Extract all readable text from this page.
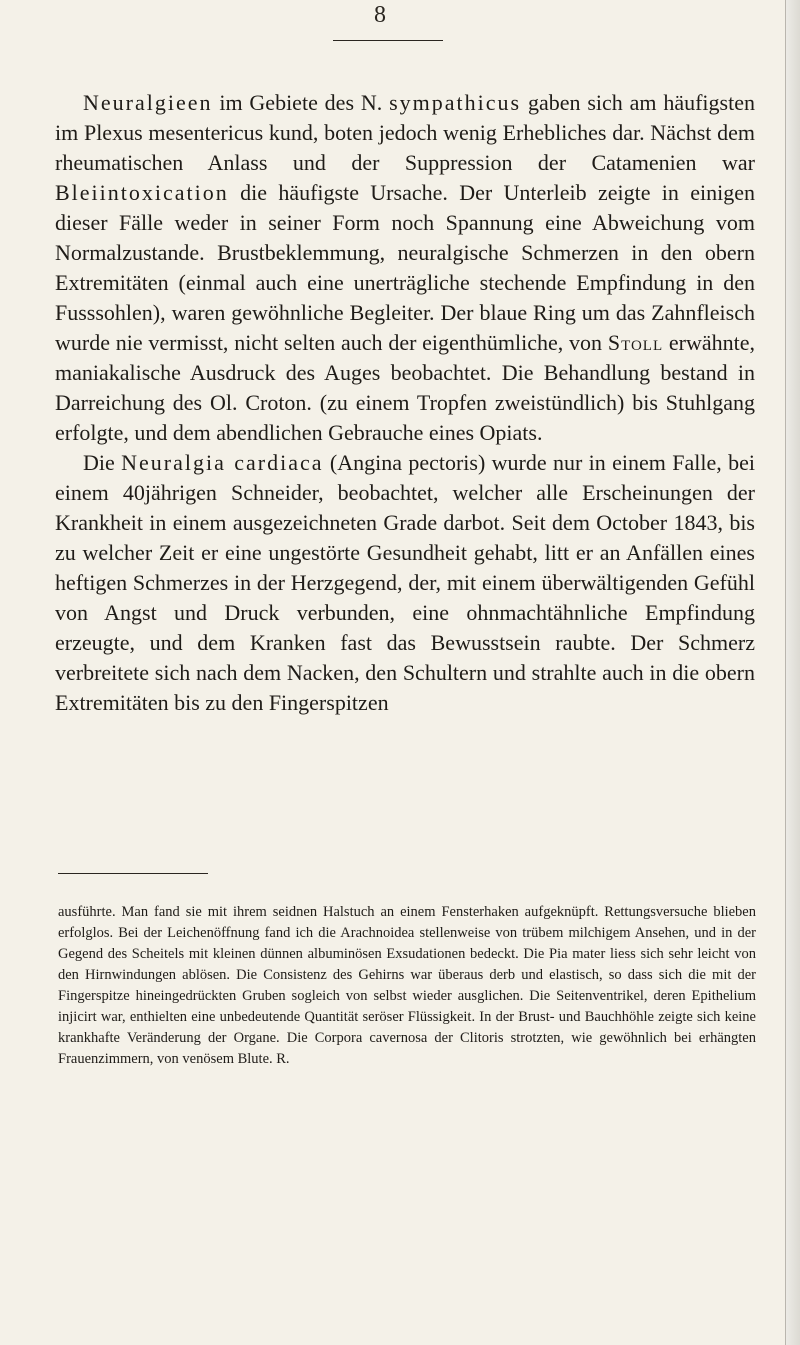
8

Neuralgieen im Gebiete des N. sympathicus gaben sich am häufigsten im Plexus mesentericus kund, boten jedoch wenig Erhebliches dar. Nächst dem rheumatischen Anlass und der Suppression der Catamenien war Bleiintoxication die häufigste Ursache. Der Unterleib zeigte in einigen dieser Fälle weder in seiner Form noch Spannung eine Abweichung vom Normalzustande. Brustbeklemmung, neuralgische Schmerzen in den obern Extremitäten (einmal auch eine unerträgliche stechende Empfindung in den Fusssohlen), waren gewöhnliche Begleiter. Der blaue Ring um das Zahnfleisch wurde nie vermisst, nicht selten auch der eigenthümliche, von Stoll erwähnte, maniakalische Ausdruck des Auges beobachtet. Die Behandlung bestand in Darreichung des Ol. Croton. (zu einem Tropfen zweistündlich) bis Stuhlgang erfolgte, und dem abendlichen Gebrauche eines Opiats.

Die Neuralgia cardiaca (Angina pectoris) wurde nur in einem Falle, bei einem 40jährigen Schneider, beobachtet, welcher alle Erscheinungen der Krankheit in einem ausgezeichneten Grade darbot. Seit dem October 1843, bis zu welcher Zeit er eine ungestörte Gesundheit gehabt, litt er an Anfällen eines heftigen Schmerzes in der Herzgegend, der, mit einem überwältigenden Gefühl von Angst und Druck verbunden, eine ohnmachtähnliche Empfindung erzeugte, und dem Kranken fast das Bewusstsein raubte. Der Schmerz verbreitete sich nach dem Nacken, den Schultern und strahlte auch in die obern Extremitäten bis zu den Fingerspitzen

ausführte. Man fand sie mit ihrem seidnen Halstuch an einem Fensterhaken aufgeknüpft. Rettungsversuche blieben erfolglos. Bei der Leichenöffnung fand ich die Arachnoidea stellenweise von trübem milchigem Ansehen, und in der Gegend des Scheitels mit kleinen dünnen albuminösen Exsudationen bedeckt. Die Pia mater liess sich sehr leicht von den Hirnwindungen ablösen. Die Consistenz des Gehirns war überaus derb und elastisch, so dass sich die mit der Fingerspitze hineingedrückten Gruben sogleich von selbst wieder ausglichen. Die Seitenventrikel, deren Epithelium injicirt war, enthielten eine unbedeutende Quantität seröser Flüssigkeit. In der Brust- und Bauchhöhle zeigte sich keine krankhafte Veränderung der Organe. Die Corpora cavernosa der Clitoris strotzten, wie gewöhnlich bei erhängten Frauenzimmern, von venösem Blute. R.
